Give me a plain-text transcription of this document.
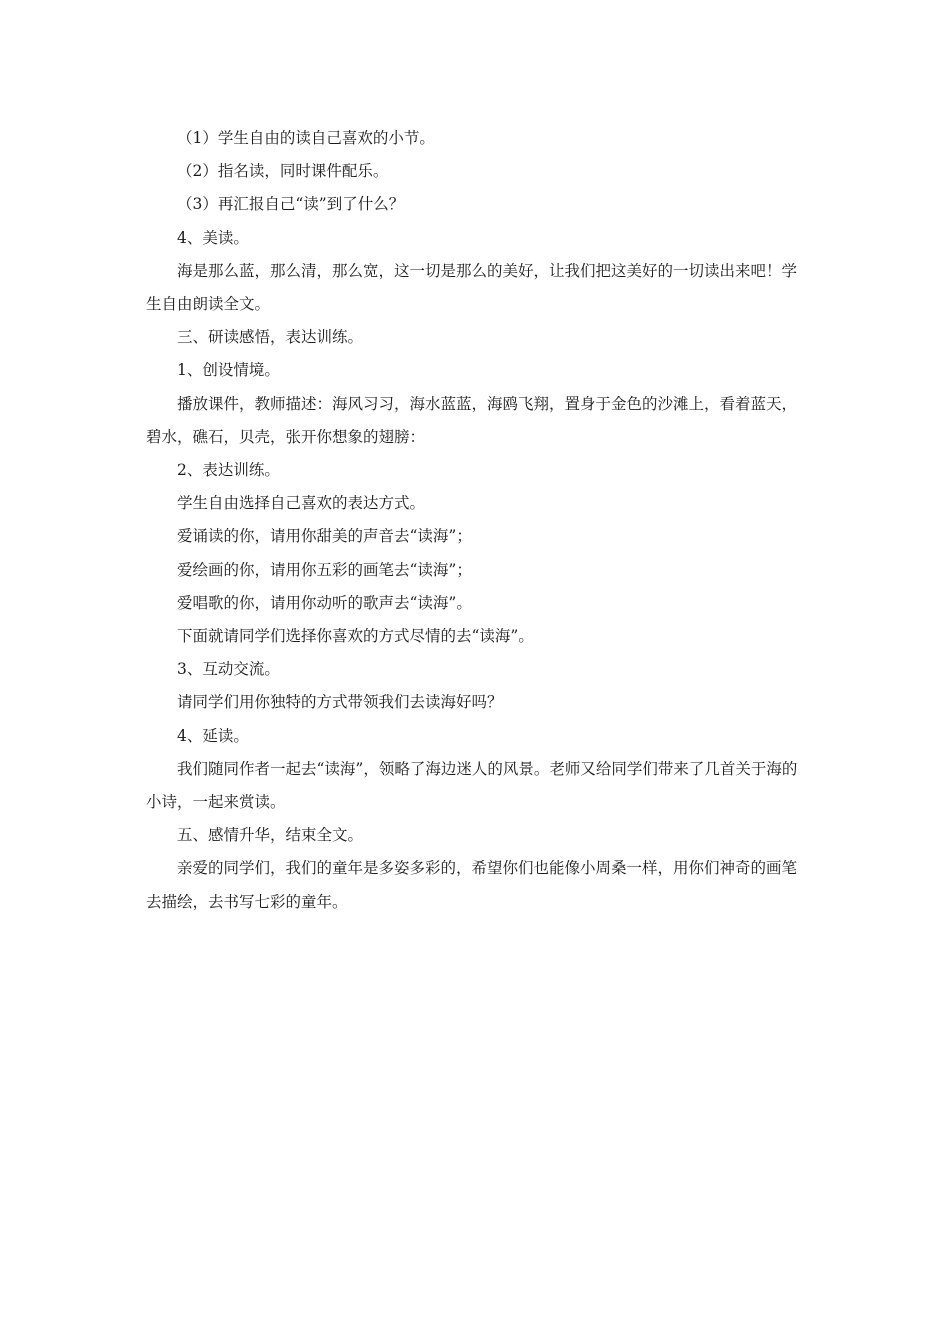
（1）学生自由的读自己喜欢的小节。

（2）指名读，同时课件配乐。

（3）再汇报自己“读”到了什么？

4、美读。

海是那么蓝，那么清，那么宽，这一切是那么的美好，让我们把这美好的一切读出来吧！学生自由朗读全文。

三、研读感悟，表达训练。

1、创设情境。

播放课件，教师描述：海风习习，海水蓝蓝，海鸥飞翔，置身于金色的沙滩上，看着蓝天，碧水，礁石，贝壳，张开你想象的翅膀：

2、表达训练。

学生自由选择自己喜欢的表达方式。

爱诵读的你，请用你甜美的声音去“读海”；

爱绘画的你，请用你五彩的画笔去“读海”；

爱唱歌的你，请用你动听的歌声去“读海”。

下面就请同学们选择你喜欢的方式尽情的去“读海”。

3、互动交流。

请同学们用你独特的方式带领我们去读海好吗？

4、延读。

我们随同作者一起去“读海”，领略了海边迷人的风景。老师又给同学们带来了几首关于海的小诗，一起来赏读。

五、感情升华，结束全文。

亲爱的同学们，我们的童年是多姿多彩的，希望你们也能像小周桑一样，用你们神奇的画笔去描绘，去书写七彩的童年。
